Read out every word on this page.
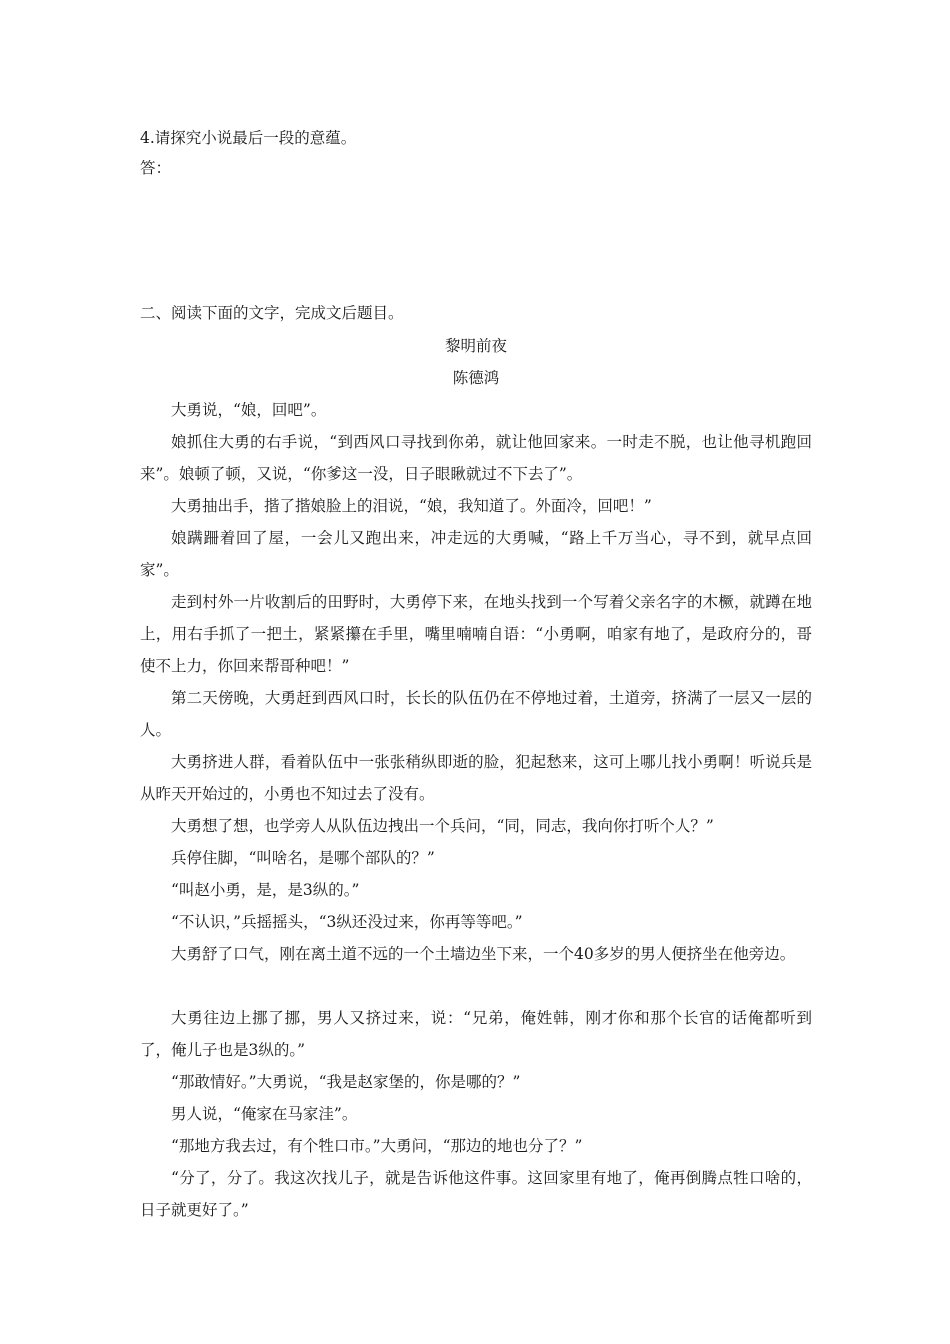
4.请探究小说最后一段的意蕴。
答：
二、阅读下面的文字，完成文后题目。
黎明前夜
陈德鸿
大勇说，“娘，回吧”。
娘抓住大勇的右手说，“到西风口寻找到你弟，就让他回家来。一时走不脱，也让他寻机跑回来”。娘顿了顿，又说，“你爹这一没，日子眼瞅就过不下去了”。
大勇抽出手，揩了揩娘脸上的泪说，“娘，我知道了。外面冷，回吧！”
娘蹒跚着回了屋，一会儿又跑出来，冲走远的大勇喊，“路上千万当心，寻不到，就早点回家”。
走到村外一片收割后的田野时，大勇停下来，在地头找到一个写着父亲名字的木橛，就蹲在地上，用右手抓了一把土，紧紧攥在手里，嘴里喃喃自语：“小勇啊，咱家有地了，是政府分的，哥使不上力，你回来帮哥种吧！”
第二天傍晚，大勇赶到西风口时，长长的队伍仍在不停地过着，土道旁，挤满了一层又一层的人。
大勇挤进人群，看着队伍中一张张稍纵即逝的脸，犯起愁来，这可上哪儿找小勇啊！听说兵是从昨天开始过的，小勇也不知过去了没有。
大勇想了想，也学旁人从队伍边拽出一个兵问，“同，同志，我向你打听个人？”
兵停住脚，“叫啥名，是哪个部队的？”
“叫赵小勇，是，是3纵的。”
“不认识，”兵摇摇头，“3纵还没过来，你再等等吧。”
大勇舒了口气，刚在离土道不远的一个土墙边坐下来，一个40多岁的男人便挤坐在他旁边。
大勇往边上挪了挪，男人又挤过来，说：“兄弟，俺姓韩，刚才你和那个长官的话俺都听到了，俺儿子也是3纵的。”
“那敢情好。”大勇说，“我是赵家堡的，你是哪的？”
男人说，“俺家在马家洼”。
“那地方我去过，有个牲口市。”大勇问，“那边的地也分了？”
“分了，分了。我这次找儿子，就是告诉他这件事。这回家里有地了，俺再倒腾点牲口啥的，日子就更好了。”
